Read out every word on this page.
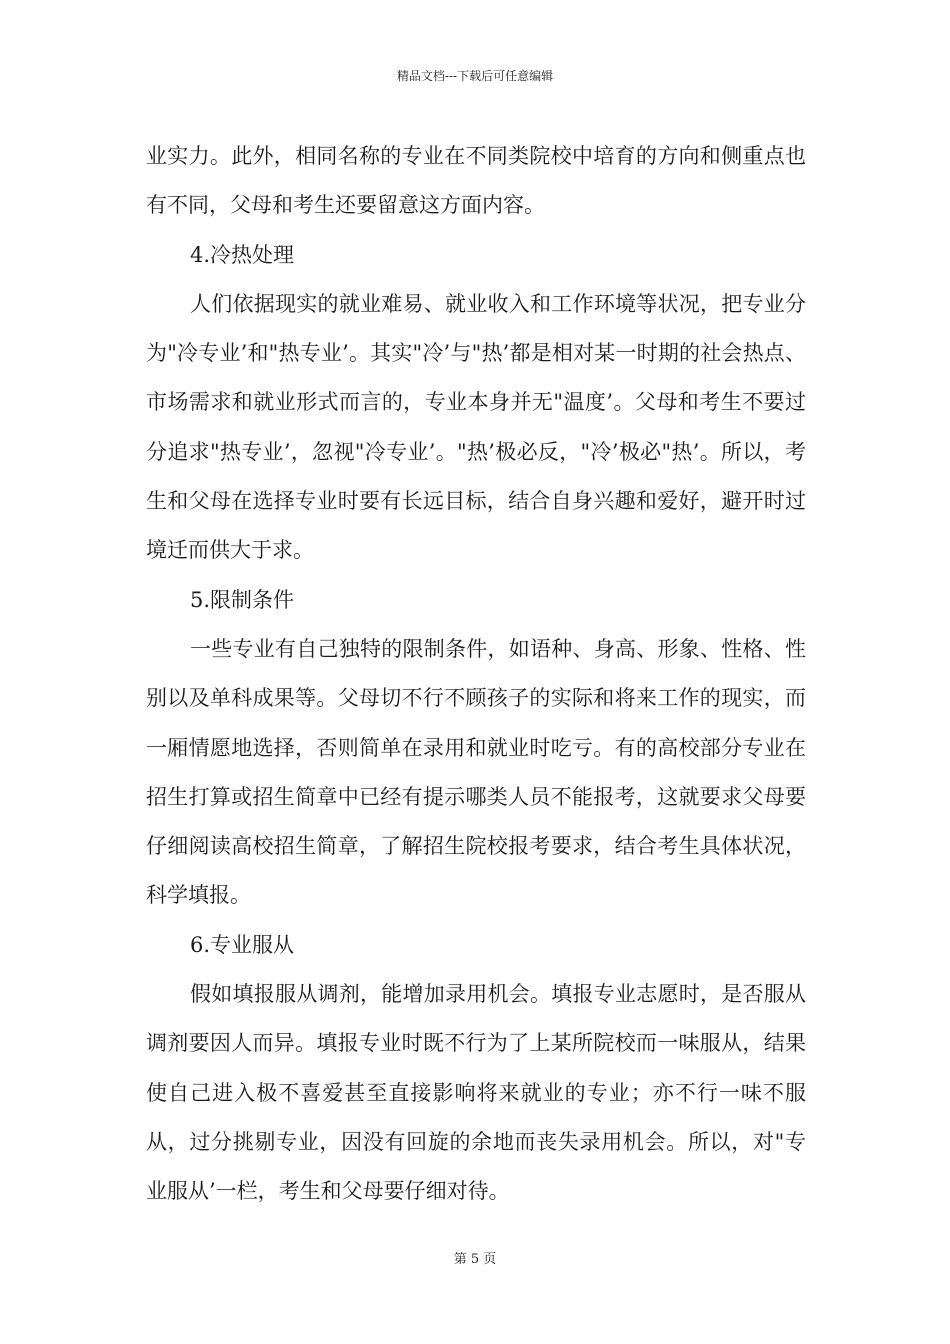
精品文档---下载后可任意编辑

业实力。此外，相同名称的专业在不同类院校中培育的方向和侧重点也有不同，父母和考生还要留意这方面内容。

4.冷热处理

人们依据现实的就业难易、就业收入和工作环境等状况，把专业分为"冷专业’和"热专业’。其实"冷’与"热’都是相对某一时期的社会热点、市场需求和就业形式而言的，专业本身并无"温度’。父母和考生不要过分追求"热专业’，忽视"冷专业’。"热’极必反，"冷’极必"热’。所以，考生和父母在选择专业时要有长远目标，结合自身兴趣和爱好，避开时过境迁而供大于求。

5.限制条件

一些专业有自己独特的限制条件，如语种、身高、形象、性格、性别以及单科成果等。父母切不行不顾孩子的实际和将来工作的现实，而一厢情愿地选择，否则简单在录用和就业时吃亏。有的高校部分专业在招生打算或招生简章中已经有提示哪类人员不能报考，这就要求父母要仔细阅读高校招生简章，了解招生院校报考要求，结合考生具体状况，科学填报。

6.专业服从

假如填报服从调剂，能增加录用机会。填报专业志愿时，是否服从调剂要因人而异。填报专业时既不行为了上某所院校而一味服从，结果使自己进入极不喜爱甚至直接影响将来就业的专业；亦不行一味不服从，过分挑剔专业，因没有回旋的余地而丧失录用机会。所以，对"专业服从’一栏，考生和父母要仔细对待。

第 5 页
